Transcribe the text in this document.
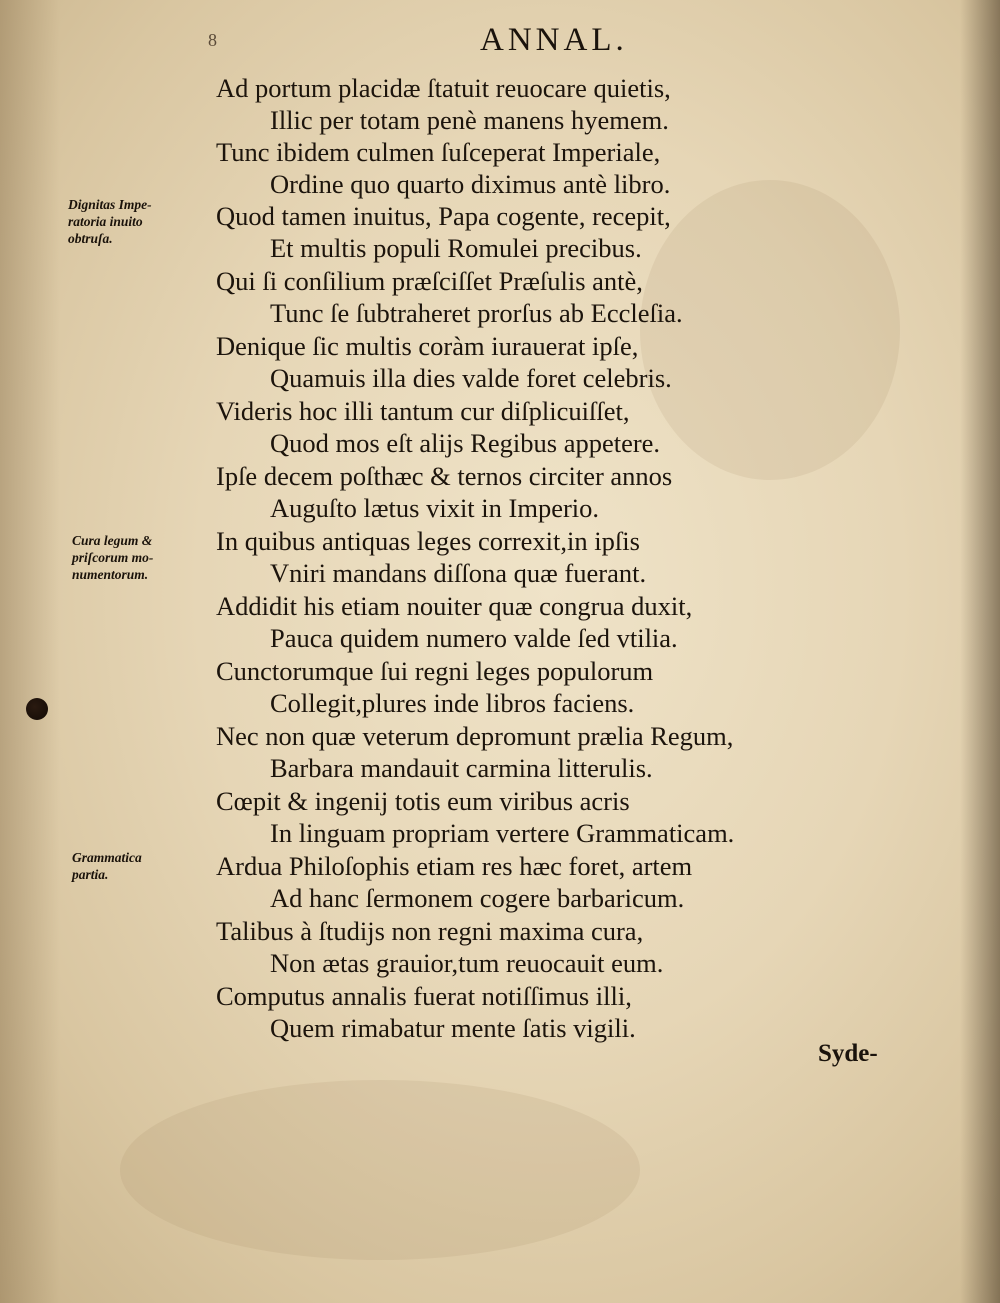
8	ANNAL.
Dignitas Impe-
ratoria inuito
obtruſa.
Cura legum &
priſcorum mo-
numentorum.
Grammatica
partia.
Ad portum placidæ ſtatuit reuocare quietis,
Illic per totam penè manens hyemem.
Tunc ibidem culmen ſuſceperat Imperiale,
Ordine quo quarto diximus antè libro.
Quod tamen inuitus, Papa cogente, recepit,
Et multis populi Romulei precibus.
Qui ſi conſilium præſciſſet Præſulis antè,
Tunc ſe ſubtraheret prorſus ab Eccleſia.
Denique ſic multis coràm iurauerat ipſe,
Quamuis illa dies valde foret celebris.
Videris hoc illi tantum cur diſplicuiſſet,
Quod mos eſt alijs Regibus appetere.
Ipſe decem poſthæc & ternos circiter annos
Auguſto lætus vixit in Imperio.
In quibus antiquas leges correxit,in ipſis
Vniri mandans diſſona quæ fuerant.
Addidit his etiam nouiter quæ congrua duxit,
Pauca quidem numero valde ſed vtilia.
Cunctorumque ſui regni leges populorum
Collegit,plures inde libros faciens.
Nec non quæ veterum depromunt prælia Regum,
Barbara mandauit carmina litterulis.
Cœpit & ingenij totis eum viribus acris
In linguam propriam vertere Grammaticam.
Ardua Philoſophis etiam res hæc foret, artem
Ad hanc ſermonem cogere barbaricum.
Talibus à ſtudijs non regni maxima cura,
Non ætas grauior,tum reuocauit eum.
Computus annalis fuerat notiſſimus illi,
Quem rimabatur mente ſatis vigili.
Syde-
